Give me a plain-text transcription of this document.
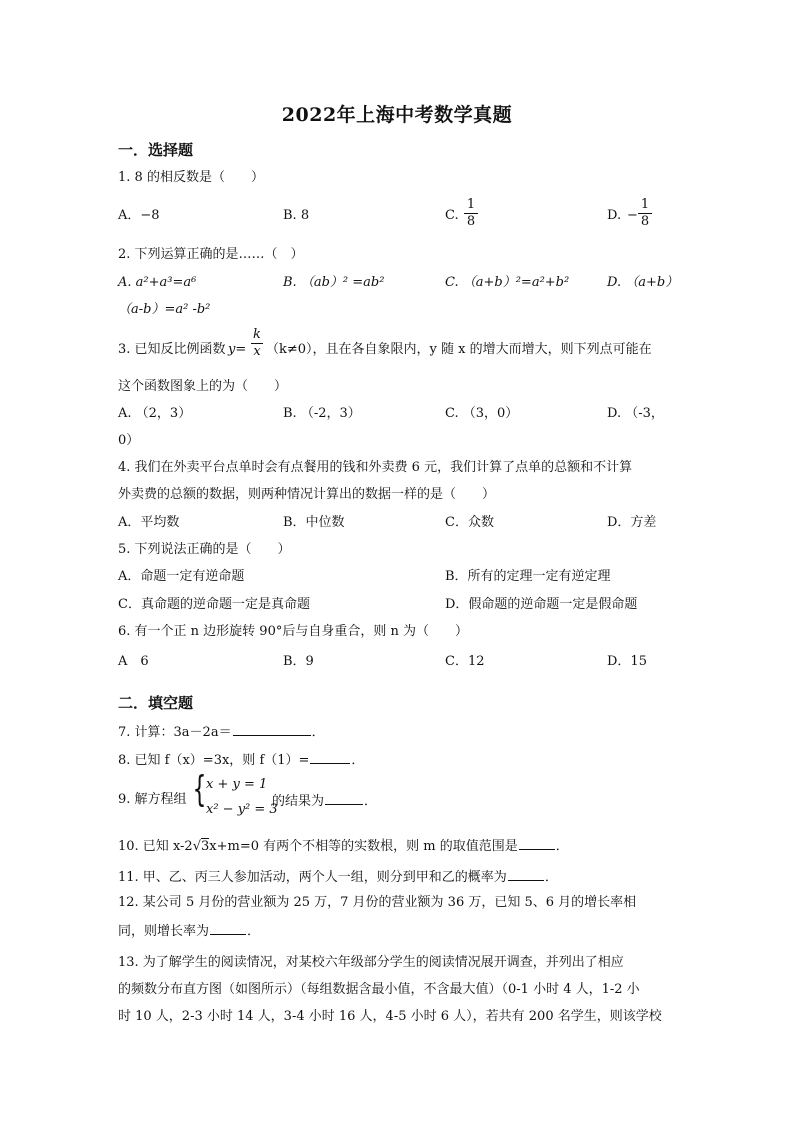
2022年上海中考数学真题
一．选择题
1. 8 的相反数是（　　）
A．−8	B. 8	C.
1
8	D. −
1
8
2. 下列运算正确的是……（　）
A. a²+a³=a⁶	B. （ab）² =ab²	C. （a+b）²=a²+b²	D. （a+b）
（a-b）=a² -b²
3. 已知反比例函数 y=
k
x （k≠0），且在各自象限内，y 随 x 的增大而增大，则下列点可能在
这个函数图象上的为（　　）
A. （2，3）	B. （-2，3）	C. （3，0）	D. （-3，
0）
4. 我们在外卖平台点单时会有点餐用的钱和外卖费 6 元，我们计算了点单的总额和不计算
外卖费的总额的数据，则两种情况计算出的数据一样的是（　　）
A．平均数	B．中位数	C．众数	D．方差
5. 下列说法正确的是（　　）
A．命题一定有逆命题	B．所有的定理一定有逆定理
C．真命题的逆命题一定是真命题	D．假命题的逆命题一定是假命题
6. 有一个正 n 边形旋转 90°后与自身重合，则 n 为（　　）
A　6	B．9	C．12	D．15
二．填空题
7. 计算：3a－2a＝	．
8. 已知 f（x）=3x，则 f（1）=	．
9. 解方程组 { x + y = 1
x² − y² = 3
的结果为	．
10. 已知 x-2√3x+m=0 有两个不相等的实数根，则 m 的取值范围是	．
11. 甲、乙、丙三人参加活动，两个人一组，则分到甲和乙的概率为	．
12. 某公司 5 月份的营业额为 25 万，7 月份的营业额为 36 万，已知 5、6 月的增长率相
同，则增长率为	．
13. 为了解学生的阅读情况，对某校六年级部分学生的阅读情况展开调查，并列出了相应
的频数分布直方图（如图所示）（每组数据含最小值，不含最大值）（0-1 小时 4 人，1-2 小
时 10 人，2-3 小时 14 人，3-4 小时 16 人，4-5 小时 6 人），若共有 200 名学生，则该学校
